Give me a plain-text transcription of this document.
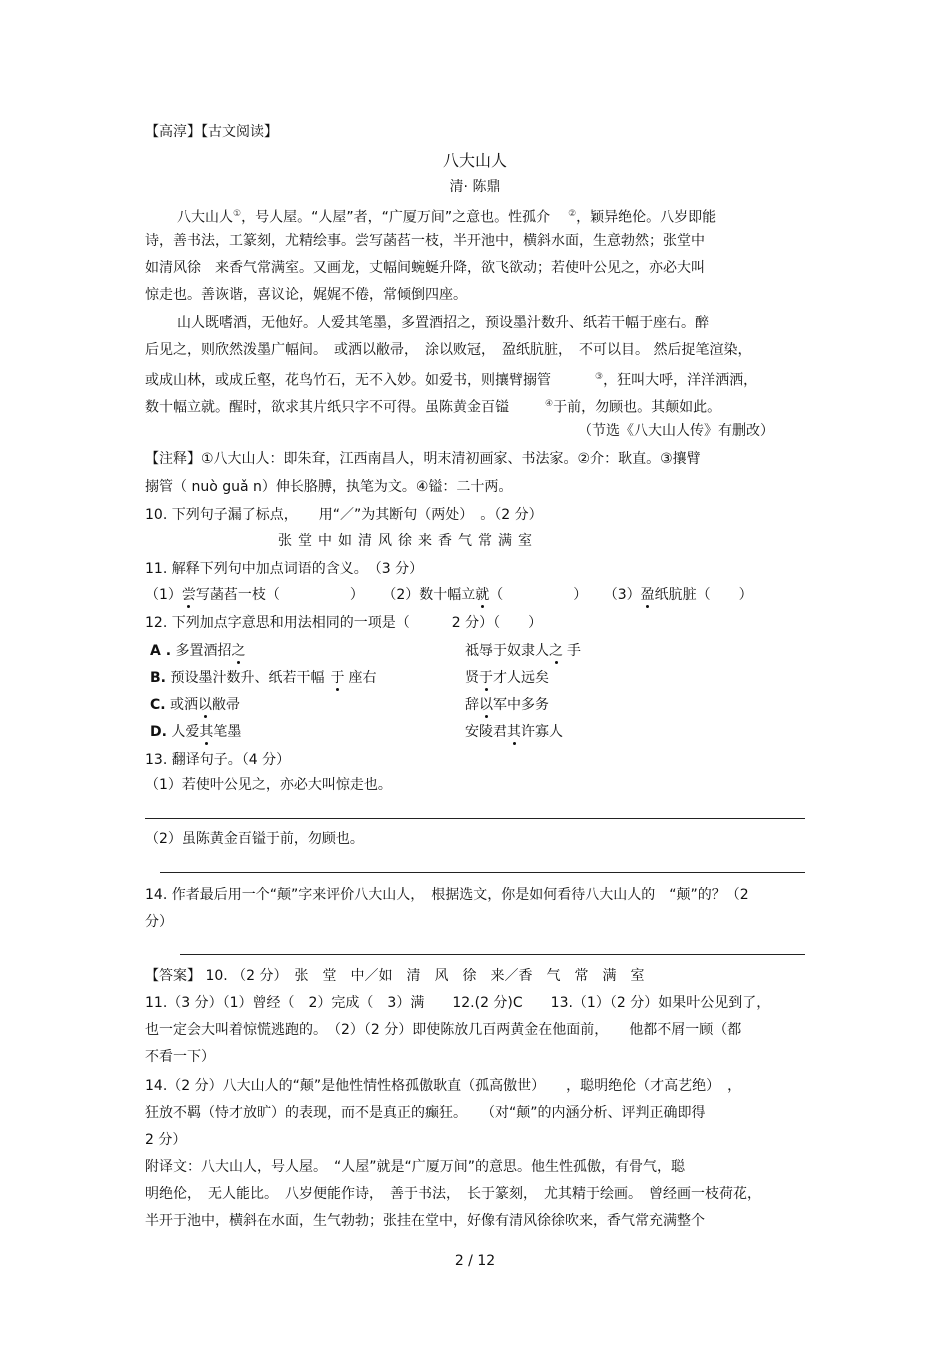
【高淳】【古文阅读】
八大山人
清· 陈鼎
八大山人①，号人屋。“人屋”者，“广厦万间”之意也。性孤介 ②，颖异绝伦。八岁即能
诗，善书法，工篆刻，尤精绘事。尝写菡萏一枝，半开池中，横斜水面，生意勃然；张堂中
如清风徐　来香气常满室。又画龙，丈幅间蜿蜒升降，欲飞欲动；若使叶公见之，亦必大叫
惊走也。善诙谐，喜议论，娓娓不倦，常倾倒四座。
山人既嗜酒，无他好。人爱其笔墨，多置酒招之，预设墨汁数升、纸若干幅于座右。醉
后见之，则欣然泼墨广幅间。　或洒以敝帚，　涂以败冠，　盈纸肮脏，　不可以目。 然后捉笔渲染，
或成山林，或成丘壑，花鸟竹石，无不入妙。如爱书，则攘臂搦管	③，狂叫大呼，洋洋洒洒，
数十幅立就。醒时，欲求其片纸只字不可得。虽陈黄金百镒	④于前，勿顾也。其颠如此。
（节选《八大山人传》有删改）
【注释】①八大山人：即朱耷，江西南昌人，明末清初画家、书法家。②介：耿直。③攘臂
搦管（ nuò guǎ n）伸长胳膊，执笔为文。④镒：二十两。
10. 下列句子漏了标点，　　用“／”为其断句（两处）　。（2 分）
张堂中如清风徐来香气常满室
11. 解释下列句中加点词语的含义。　（3 分）
（1）尝写菡萏一枝（　　　　　） （2）数十幅立就（　　　　　） （3）盈纸肮脏（　　）
12. 下列加点字意思和用法相同的一项是（　　　2 分）（　　）
A . 多置酒招之	祗辱于奴隶人之 手
B. 预设墨汁数升、纸若干幅 于 座右	贤于才人远矣
C. 或洒以敝帚	辞以军中多务
D. 人爱其笔墨	安陵君其许寡人
13. 翻译句子。（4 分）
（1）若使叶公见之，亦必大叫惊走也。
（2）虽陈黄金百镒于前，勿顾也。
14. 作者最后用一个“颠”字来评价八大山人，　根据选文，你是如何看待八大山人的　“颠”的？（2
分）
【答案】 10. （2 分）　张　堂　中／如　清　风　徐　来／香　气　常　满　室
11.（3 分）（1）曾经（　2）完成（　3）满　　12.(2 分)C　　13.（1）（2 分）如果叶公见到了，
也一定会大叫着惊慌逃跑的。　（2）（2 分）即使陈放几百两黄金在他面前，　　他都不屑一顾（都
不看一下）
14.（2 分）八大山人的“颠”是他性情性格孤傲耿直（孤高傲世）　　，聪明绝伦（才高艺绝）　，
狂放不羁（恃才放旷）的表现，而不是真正的癫狂。　　（对“颠”的内涵分析、评判正确即得
2 分）
附译文：八大山人，号人屋。　“人屋”就是“广厦万间”的意思。他生性孤傲，有骨气，聪
明绝伦，　无人能比。　八岁便能作诗，　善于书法，　长于篆刻，　尤其精于绘画。　曾经画一枝荷花，
半开于池中，横斜在水面，生气勃勃；张挂在堂中，好像有清风徐徐吹来，香气常充满整个
2 / 12
